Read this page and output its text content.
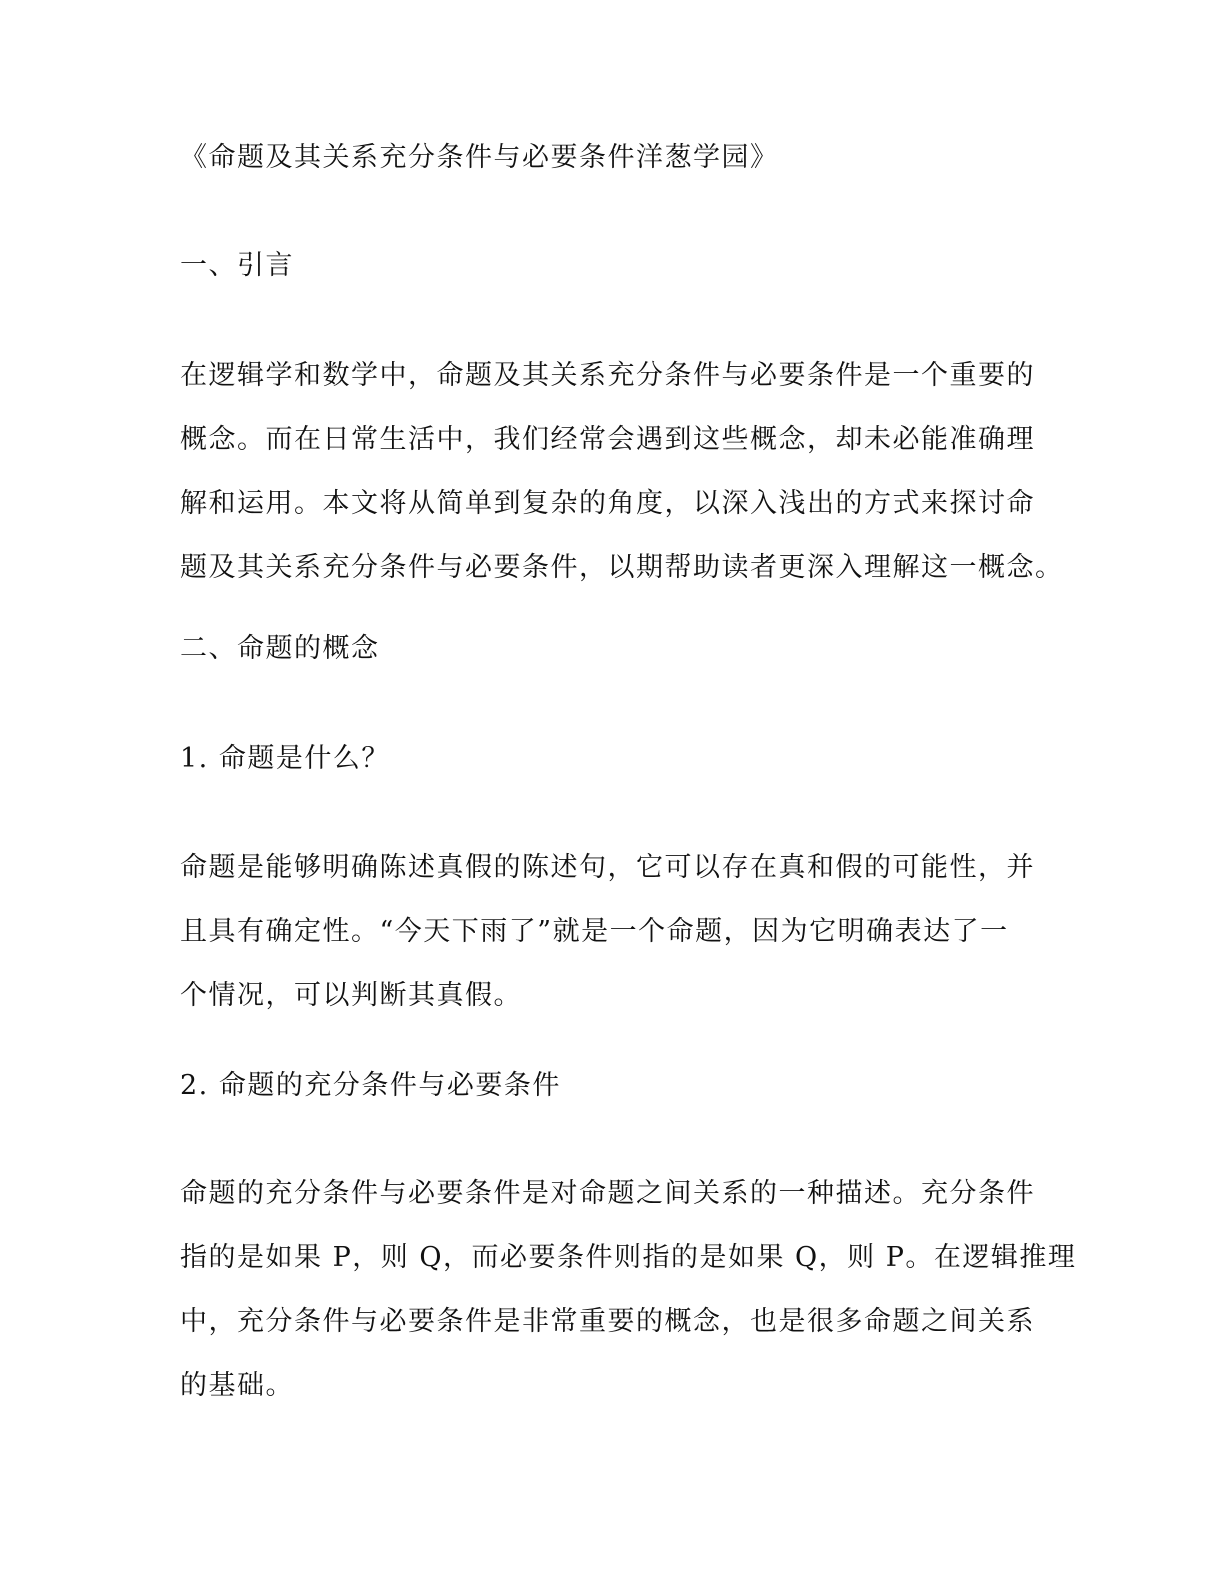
《命题及其关系充分条件与必要条件洋葱学园》

一、引言

在逻辑学和数学中，命题及其关系充分条件与必要条件是一个重要的
概念。而在日常生活中，我们经常会遇到这些概念，却未必能准确理
解和运用。本文将从简单到复杂的角度，以深入浅出的方式来探讨命
题及其关系充分条件与必要条件，以期帮助读者更深入理解这一概念。

二、命题的概念

1. 命题是什么？

命题是能够明确陈述真假的陈述句，它可以存在真和假的可能性，并
且具有确定性。“今天下雨了”就是一个命题，因为它明确表达了一
个情况，可以判断其真假。

2. 命题的充分条件与必要条件

命题的充分条件与必要条件是对命题之间关系的一种描述。充分条件
指的是如果 P，则 Q，而必要条件则指的是如果 Q，则 P。在逻辑推理
中，充分条件与必要条件是非常重要的概念，也是很多命题之间关系
的基础。
